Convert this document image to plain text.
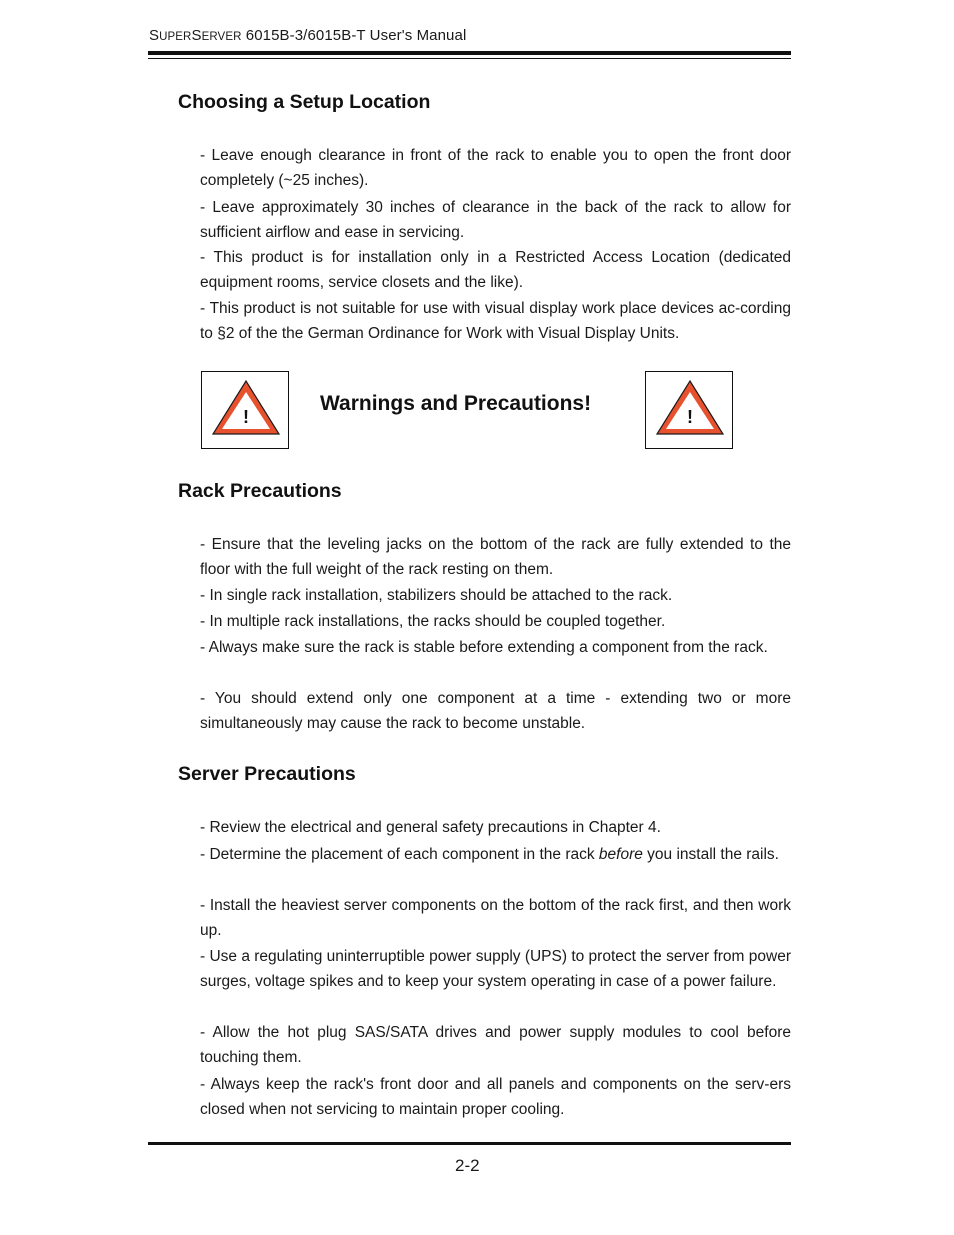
SUPERSERVER 6015B-3/6015B-T User's Manual
Choosing a Setup Location

- Leave enough clearance in front of the rack to enable you to open the front door completely (~25 inches).

- Leave approximately 30 inches of clearance in the back of the rack to allow for sufficient airflow and ease in servicing.

- This product is for installation only in a Restricted Access Location (dedicated equipment rooms, service closets and the like).

- This product is not suitable for use with visual display work place devices ac-cording to §2 of the the German Ordinance for Work with Visual Display Units.

!
Warnings and Precautions!
!
Rack Precautions

- Ensure that the leveling jacks on the bottom of the rack are fully extended to the floor with the full weight of the rack resting on them.

- In single rack installation, stabilizers should be attached to the rack.

- In multiple rack installations, the racks should be coupled together.

- Always make sure the rack is stable before extending a component from the rack.

- You should extend only one component at a time - extending two or more simultaneously may cause the rack to become unstable.

Server Precautions

- Review the electrical and general safety precautions in Chapter 4.

- Determine the placement of each component in the rack before you install the rails.

- Install the heaviest server components on the bottom of the rack first, and then work up.

- Use a regulating uninterruptible power supply (UPS) to protect the server from power surges, voltage spikes and to keep your system operating in case of a power failure.

- Allow the hot plug SAS/SATA drives and power supply modules to cool before touching them.

- Always keep the rack's front door and all panels and components on the serv-ers closed when not servicing to maintain proper cooling.

2-2
